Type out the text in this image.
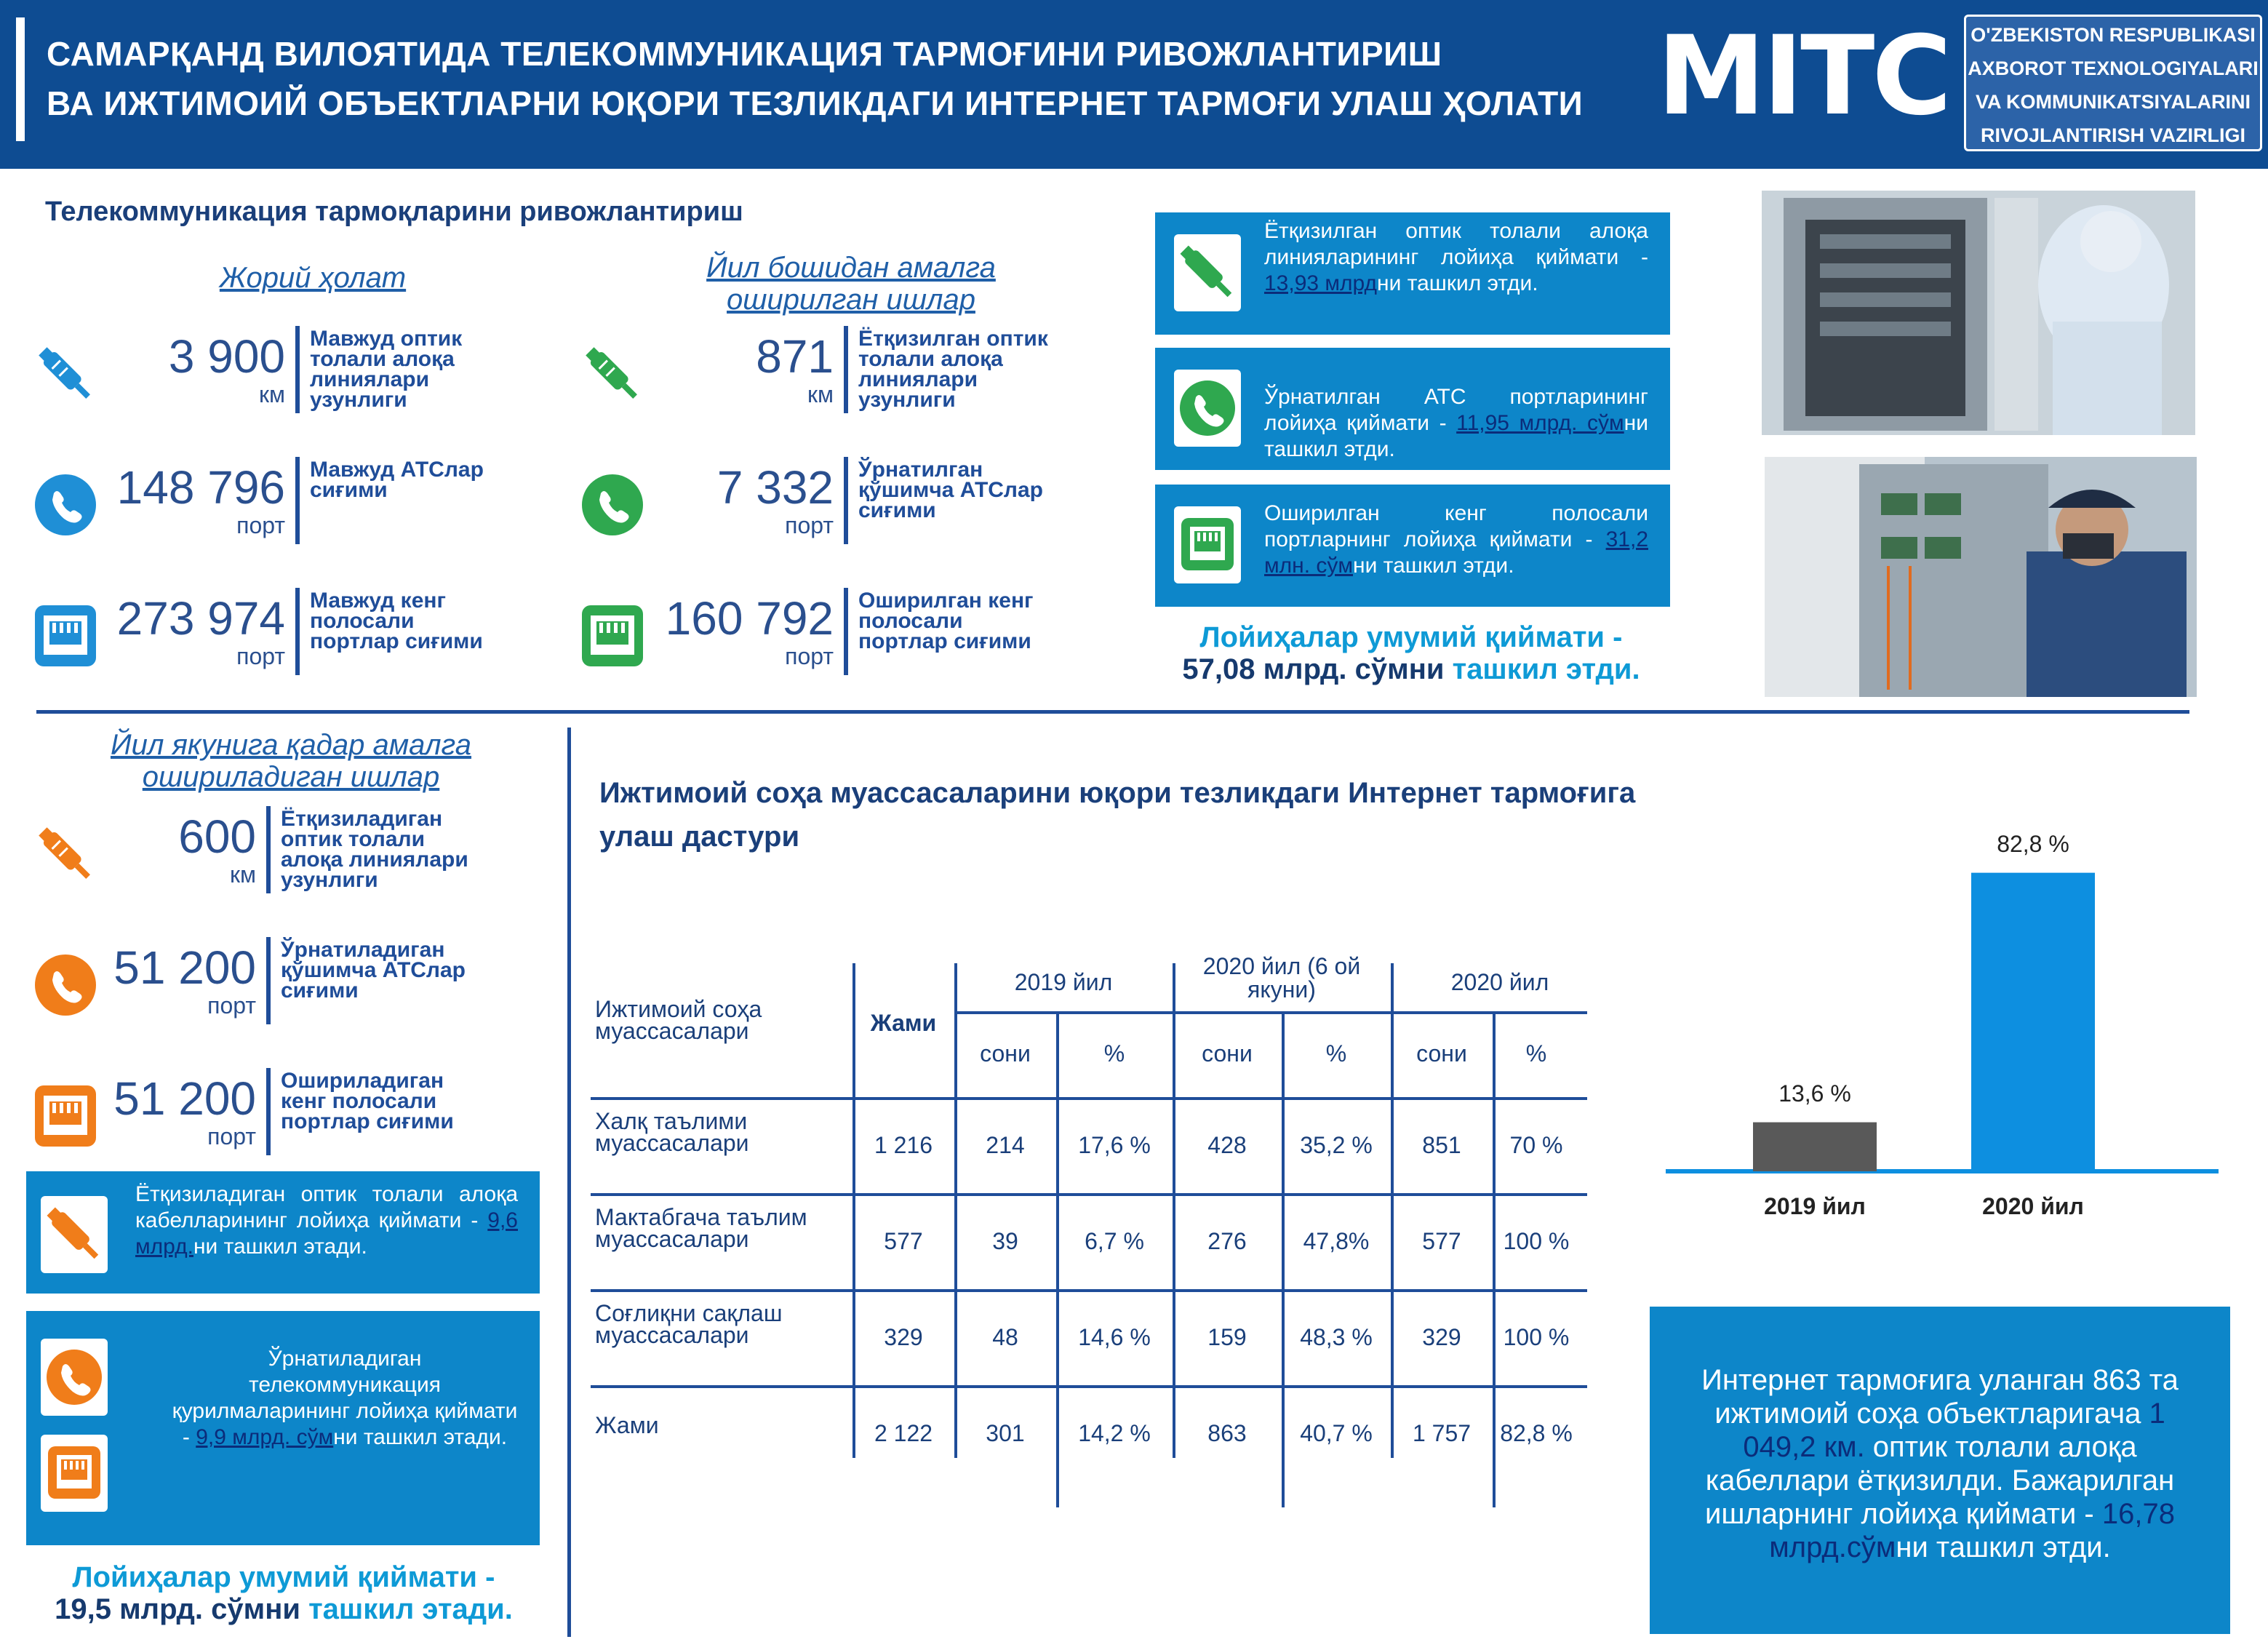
САМАРҚАНД ВИЛОЯТИДА ТЕЛЕКОММУНИКАЦИЯ ТАРМОҒИНИ РИВОЖЛАНТИРИШ
ВА ИЖТИМОИЙ ОБЪЕКТЛАРНИ ЮҚОРИ ТЕЗЛИКДАГИ ИНТЕРНЕТ ТАРМОҒИ УЛАШ ҲОЛАТИ MITC O'ZBEKISTON RESPUBLIKASI
AXBOROT TEXNOLOGIYALARI
VA KOMMUNIKATSIYALARINI
RIVOJLANTIRISH VAZIRLIGI
Телекоммуникация тармоқларини ривожлантириш
Жорий ҳолат	Йил бошидан амалга
оширилган ишлар
3 900
км
Мавжуд оптик
толали алоқа
линиялари
узунлиги
148 796
порт
Мавжуд АТСлар
сиғими
273 974
порт
Мавжуд кенг
полосали
портлар сиғими
871
км
Ётқизилган оптик
толали алоқа
линиялари
узунлиги
7 332
порт
Ўрнатилган
қўшимча АТСлар
сиғими
160 792
порт
Оширилган кенг
полосали
портлар сиғими
Ётқизилган оптик толали алоқа линияларининг лойиҳа қиймати - 13,93 млрдни ташкил этди.
Ўрнатилган АТС портларининг лойиҳа қиймати - 11,95 млрд. сўмни ташкил этди.
Оширилган кенг полосали портларнинг лойиҳа қиймати - 31,2 млн. сўмни ташкил этди.
Лойиҳалар умумий қиймати -
57,08 млрд. сўмни ташкил этди.
Йил якунига қадар амалга
ошириладиган ишлар
600
км
Ётқизиладиган
оптик толали
алоқа линиялари
узунлиги
51 200
порт
Ўрнатиладиган
қўшимча АТСлар
сиғими
51 200
порт
Ошириладиган
кенг полосали
портлар сиғими
Ётқизиладиган оптик толали алоқа кабелларининг лойиҳа қиймати - 9,6 млрд.ни ташкил этади.
Ўрнатиладиган телекоммуникация қурилмаларининг лойиҳа қиймати - 9,9 млрд. сўмни ташкил этади.
Лойиҳалар умумий қиймати -
19,5 млрд. сўмни ташкил этади.
Ижтимоий соҳа муассасаларини юқори тезликдаги Интернет тармоғига
улаш дастури
Ижтимоий соҳа муассасалари	Жами
2019 йил
2020 йил (6 ой якуни)	2020 йил
сони	%	сони	%	сони	%
Халқ таълими муассасалари	1 216	214	17,6 %	428	35,2 %	851	70 %
Мактабгача таълим муассасалари	577	39	6,7 %	276	47,8%	577	100 %
Соғлиқни сақлаш муассасалари	329	48	14,6 %	159	48,3 %	329	100 %
Жами	2 122	301	14,2 %	863	40,7 %	1 757	82,8 %
13,6 %
2019 йил
82,8 %
2020 йил
Интернет тармоғига уланган 863 та ижтимоий соҳа объектларигача 1 049,2 км. оптик толали алоқа кабеллари ётқизилди. Бажарилган ишларнинг лойиҳа қиймати - 16,78 млрд.сўмни ташкил этди.
